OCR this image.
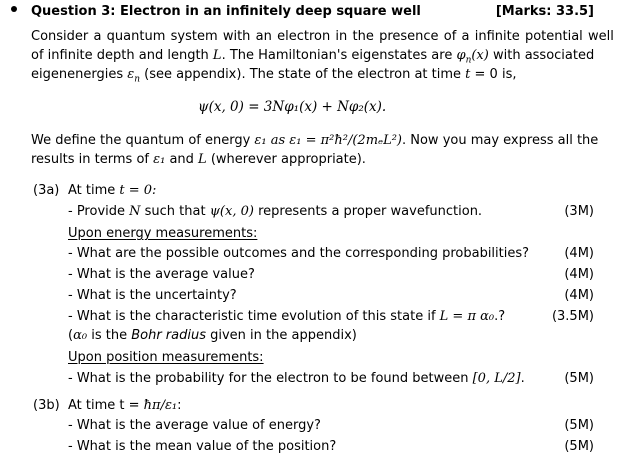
Question 3: Electron in an infinitely deep square well	[Marks: 33.5]
Consider a quantum system with an electron in the presence of a infinite potential well
of infinite depth and length L. The Hamiltonian's eigenstates are $\varphi_n(x)$ with associated
eigenenergies $\varepsilon_n$ (see appendix). The state of the electron at time t = 0 is,
ψ(x, 0) = 3Nφ₁(x) + Nφ₂(x).
We define the quantum of energy ε₁ as ε₁ = π²ħ²/(2mₑL²). Now you may express all the
results in terms of ε₁ and L (wherever appropriate).
(3a) At time t = 0:
- Provide N such that ψ(x, 0) represents a proper wavefunction.	(3M)
Upon energy measurements:
- What are the possible outcomes and the corresponding probabilities?	(4M)
- What is the average value?	(4M)
- What is the uncertainty?	(4M)
- What is the characteristic time evolution of this state if L = π α₀.?	(3.5M)
(α₀ is the Bohr radius given in the appendix)
Upon position measurements:
- What is the probability for the electron to be found between [0, L/2].	(5M)
(3b) At time t = ħπ/ε₁:
- What is the average value of energy?	(5M)
- What is the mean value of the position?	(5M)
